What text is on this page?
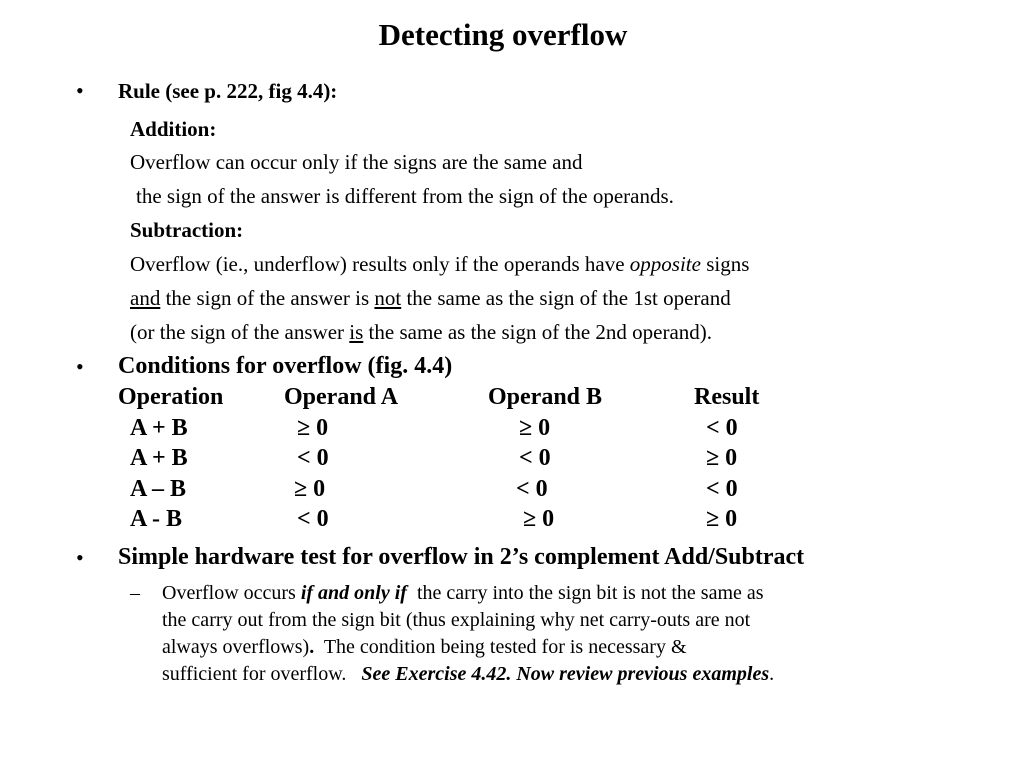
Detecting overflow
• Rule (see p. 222, fig 4.4):
Addition:
Overflow can occur only if the signs are the same and
the sign of the answer is different from the sign of the operands.
Subtraction:
Overflow (ie., underflow) results only if the operands have opposite signs
and the sign of the answer is not the same as the sign of the 1st operand
(or the sign of the answer is the same as the sign of the 2nd operand).
• Conditions for overflow (fig. 4.4)
Operation	Operand A	Operand B	Result
A + B	≥ 0	≥ 0	< 0
A + B	< 0	< 0	≥ 0
A – B	≥ 0	< 0	< 0
A - B	< 0	≥ 0	≥ 0
• Simple hardware test for overflow in 2’s complement Add/Subtract
– Overflow occurs if and only if  the carry into the sign bit is not the same as
the carry out from the sign bit (thus explaining why net carry-outs are not
always overflows).  The condition being tested for is necessary &
sufficient for overflow.   See Exercise 4.42. Now review previous examples.
